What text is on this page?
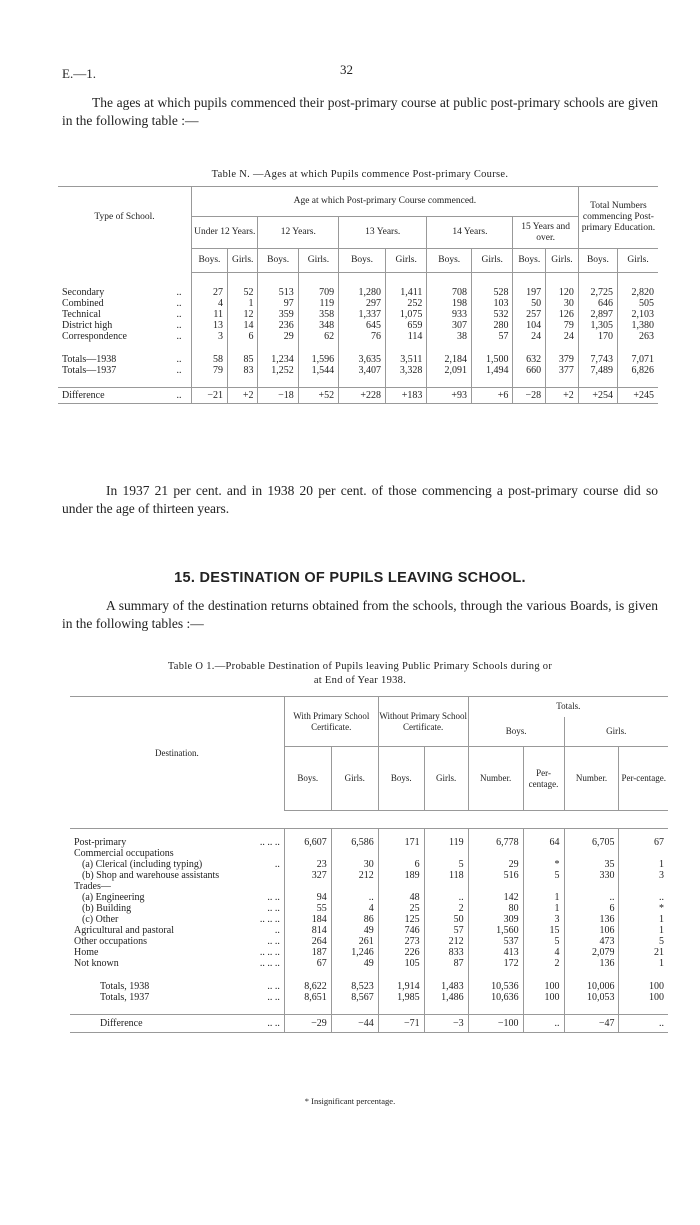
E.—1.	32
The ages at which pupils commenced their post-primary course at public post-primary schools are given in the following table :—
Table N. —Ages at which Pupils commence Post-primary Course.
Type of School.		Age at which Post-primary Course commenced.										Total Numbers commencing Post-primary Education.	
		Under 12 Years.		12 Years.		13 Years.		14 Years.		15 Years and over.			
		Boys.	Girls.	Boys.	Girls.	Boys.	Girls.	Boys.	Girls.	Boys.	Girls.	Boys.	Girls.

Secondary	..	27	52	513	709	1,280	1,411	708	528	197	120	2,725	2,820
Combined	..	4	1	97	119	297	252	198	103	50	30	646	505
Technical	..	11	12	359	358	1,337	1,075	933	532	257	126	2,897	2,103
District high	..	13	14	236	348	645	659	307	280	104	79	1,305	1,380
Correspondence	..	3	6	29	62	76	114	38	57	24	24	170	263

Totals—1938	..	58	85	1,234	1,596	3,635	3,511	2,184	1,500	632	379	7,743	7,071
Totals—1937	..	79	83	1,252	1,544	3,407	3,328	2,091	1,494	660	377	7,489	6,826

Difference	..	−21	+2	−18	+52	+228	+183	+93	+6	−28	+2	+254	+245
In 1937 21 per cent. and in 1938 20 per cent. of those commencing a post-primary course did so under the age of thirteen years.
15. DESTINATION OF PUPILS LEAVING SCHOOL.
A summary of the destination returns obtained from the schools, through the various Boards, is given in the following tables :—
Table O 1.—Probable Destination of Pupils leaving Public Primary Schools during or
at End of Year 1938.
Destination.		With Primary School Certificate.		Without Primary School Certificate.		Totals.			
						Boys.		Girls.	
		Boys.	Girls.	Boys.	Girls.	Number.	Per-centage.	Number.	Per-centage.

Post-primary	.. .. ..	6,607	6,586	171	119	6,778	64	6,705	67
Commercial occupations									
(a) Clerical (including typing)	..	23	30	6	5	29	*	35	1
(b) Shop and warehouse assistants		327	212	189	118	516	5	330	3
Trades—									
(a) Engineering	.. ..	94	..	48	..	142	1	..	..
(b) Building	.. ..	55	4	25	2	80	1	6	*
(c) Other	.. .. ..	184	86	125	50	309	3	136	1
Agricultural and pastoral	..	814	49	746	57	1,560	15	106	1
Other occupations	.. ..	264	261	273	212	537	5	473	5
Home	.. .. ..	187	1,246	226	833	413	4	2,079	21
Not known	.. .. ..	67	49	105	87	172	2	136	1

Totals, 1938	.. ..	8,622	8,523	1,914	1,483	10,536	100	10,006	100
Totals, 1937	.. ..	8,651	8,567	1,985	1,486	10,636	100	10,053	100

Difference	.. ..	−29	−44	−71	−3	−100	..	−47	..
* Insignificant percentage.
